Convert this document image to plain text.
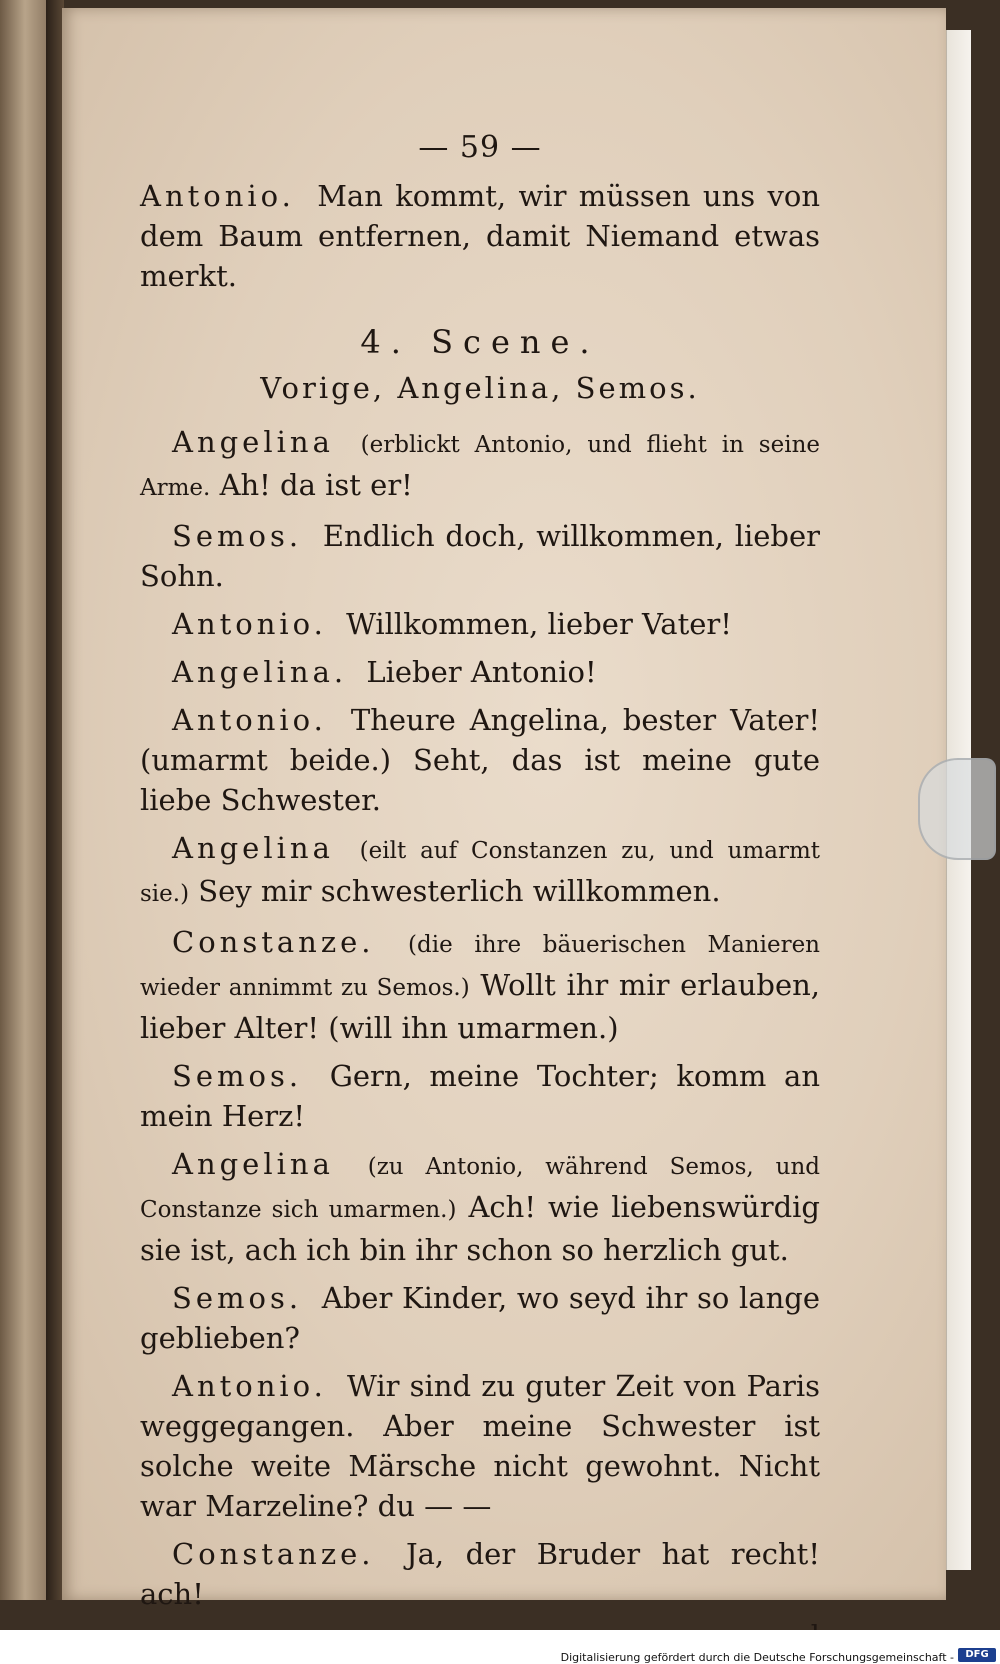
— 59 —

Antonio. Man kommt, wir müssen uns von dem Baum entfernen, damit Niemand etwas merkt.

4. Scene.
Vorige, Angelina, Semos.

Angelina (erblickt Antonio, und flieht in seine Arme. Ah! da ist er!

Semos. Endlich doch, willkommen, lieber Sohn.

Antonio. Willkommen, lieber Vater!

Angelina. Lieber Antonio!

Antonio. Theure Angelina, bester Vater! (umarmt beide.) Seht, das ist meine gute liebe Schwester.

Angelina (eilt auf Constanzen zu, und umarmt sie.) Sey mir schwesterlich willkommen.

Constanze. (die ihre bäuerischen Manieren wieder annimmt zu Semos.) Wollt ihr mir erlauben, lieber Alter! (will ihn umarmen.)

Semos. Gern, meine Tochter; komm an mein Herz!

Angelina (zu Antonio, während Semos, und Constanze sich umarmen.) Ach! wie liebenswürdig sie ist, ach ich bin ihr schon so herzlich gut.

Semos. Aber Kinder, wo seyd ihr so lange geblieben?

Antonio. Wir sind zu guter Zeit von Paris weggegangen. Aber meine Schwester ist solche weite Märsche nicht gewohnt. Nicht war Marzeline? du — —

Constanze. Ja, der Bruder hat recht! ach!

Digitalisierung gefördert durch die Deutsche Forschungsgemeinschaft -	DFG
